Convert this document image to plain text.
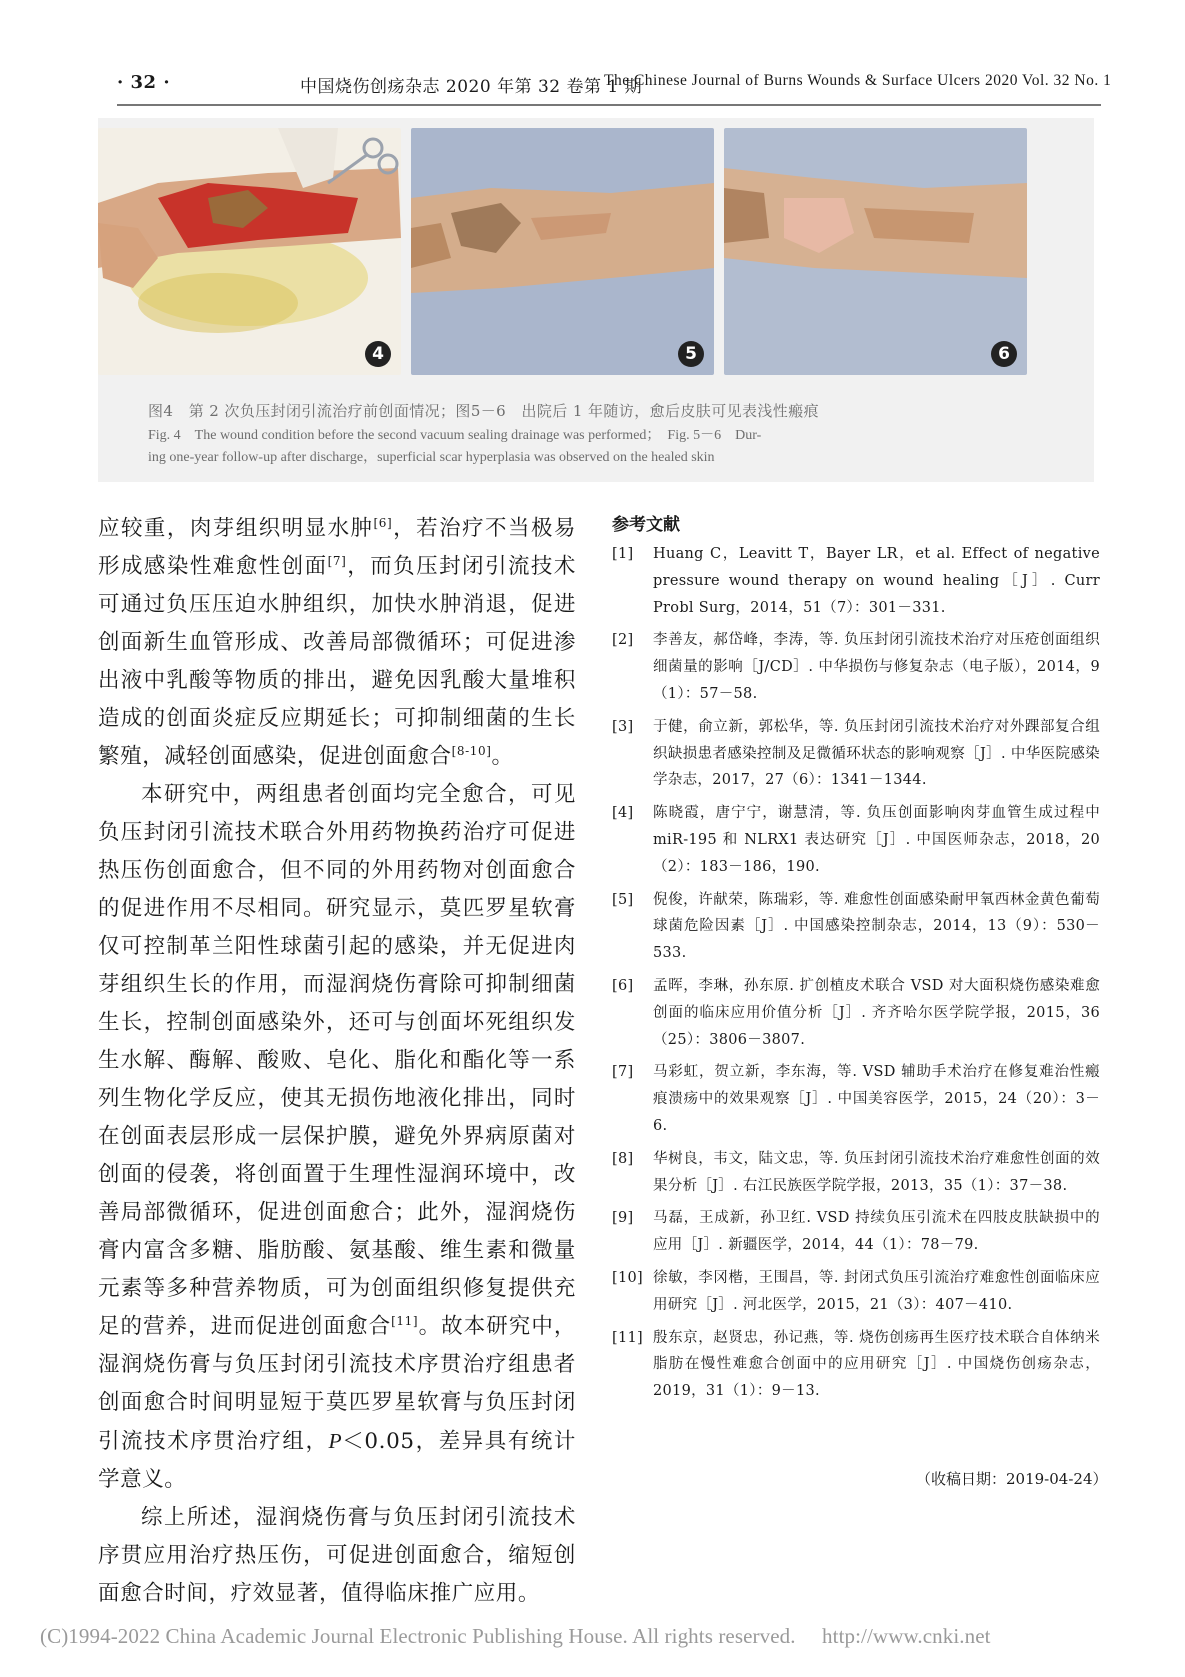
· 32 ·	中国烧伤创疡杂志 2020 年第 32 卷第 1 期
The Chinese Journal of Burns Wounds & Surface Ulcers 2020 Vol. 32 No. 1
4	5	6
图4　第 2 次负压封闭引流治疗前创面情况；图5－6　出院后 1 年随访，愈后皮肤可见表浅性瘢痕
Fig. 4　The wound condition before the second vacuum sealing drainage was performed；　Fig. 5－6　Dur-
ing one-year follow-up after discharge，superficial scar hyperplasia was observed on the healed skin

应较重，肉芽组织明显水肿[6]，若治疗不当极易形成感染性难愈性创面[7]，而负压封闭引流技术可通过负压压迫水肿组织，加快水肿消退，促进创面新生血管形成、改善局部微循环；可促进渗出液中乳酸等物质的排出，避免因乳酸大量堆积造成的创面炎症反应期延长；可抑制细菌的生长繁殖，减轻创面感染，促进创面愈合[8-10]。

本研究中，两组患者创面均完全愈合，可见负压封闭引流技术联合外用药物换药治疗可促进热压伤创面愈合，但不同的外用药物对创面愈合的促进作用不尽相同。研究显示，莫匹罗星软膏仅可控制革兰阳性球菌引起的感染，并无促进肉芽组织生长的作用，而湿润烧伤膏除可抑制细菌生长，控制创面感染外，还可与创面坏死组织发生水解、酶解、酸败、皂化、脂化和酯化等一系列生物化学反应，使其无损伤地液化排出，同时在创面表层形成一层保护膜，避免外界病原菌对创面的侵袭，将创面置于生理性湿润环境中，改善局部微循环，促进创面愈合；此外，湿润烧伤膏内富含多糖、脂肪酸、氨基酸、维生素和微量元素等多种营养物质，可为创面组织修复提供充足的营养，进而促进创面愈合[11]。故本研究中，湿润烧伤膏与负压封闭引流技术序贯治疗组患者创面愈合时间明显短于莫匹罗星软膏与负压封闭引流技术序贯治疗组，P＜0.05，差异具有统计学意义。

综上所述，湿润烧伤膏与负压封闭引流技术序贯应用治疗热压伤，可促进创面愈合，缩短创面愈合时间，疗效显著，值得临床推广应用。

参考文献
[1]	Huang C，Leavitt T，Bayer LR，et al. Effect of negative pressure wound therapy on wound healing［J］. Curr Probl Surg，2014，51（7）：301－331.
[2]	李善友，郝岱峰，李涛，等. 负压封闭引流技术治疗对压疮创面组织细菌量的影响［J/CD］. 中华损伤与修复杂志（电子版），2014，9（1）：57－58.
[3]	于健，俞立新，郭松华，等. 负压封闭引流技术治疗对外踝部复合组织缺损患者感染控制及足微循环状态的影响观察［J］. 中华医院感染学杂志，2017，27（6）：1341－1344.
[4]	陈晓霞，唐宁宁，谢慧清，等. 负压创面影响肉芽血管生成过程中 miR-195 和 NLRX1 表达研究［J］. 中国医师杂志，2018，20（2）：183－186，190.
[5]	倪俊，许献荣，陈瑞彩，等. 难愈性创面感染耐甲氧西林金黄色葡萄球菌危险因素［J］. 中国感染控制杂志，2014，13（9）：530－533.
[6]	孟晖，李琳，孙东原. 扩创植皮术联合 VSD 对大面积烧伤感染难愈创面的临床应用价值分析［J］. 齐齐哈尔医学院学报，2015，36（25）：3806－3807.
[7]	马彩虹，贺立新，李东海，等. VSD 辅助手术治疗在修复难治性瘢痕溃疡中的效果观察［J］. 中国美容医学，2015，24（20）：3－6.
[8]	华树良，韦文，陆文忠，等. 负压封闭引流技术治疗难愈性创面的效果分析［J］. 右江民族医学院学报，2013，35（1）：37－38.
[9]	马磊，王成新，孙卫红. VSD 持续负压引流术在四肢皮肤缺损中的应用［J］. 新疆医学，2014，44（1）：78－79.
[10] 徐敏，李冈楷，王围昌，等. 封闭式负压引流治疗难愈性创面临床应用研究［J］. 河北医学，2015，21（3）：407－410.
[11] 殷东京，赵贤忠，孙记燕，等. 烧伤创疡再生医疗技术联合自体纳米脂肪在慢性难愈合创面中的应用研究［J］. 中国烧伤创疡杂志，2019，31（1）：9－13.
（收稿日期：2019-04-24）
(C)1994-2022 China Academic Journal Electronic Publishing House. All rights reserved.　 http://www.cnki.net
